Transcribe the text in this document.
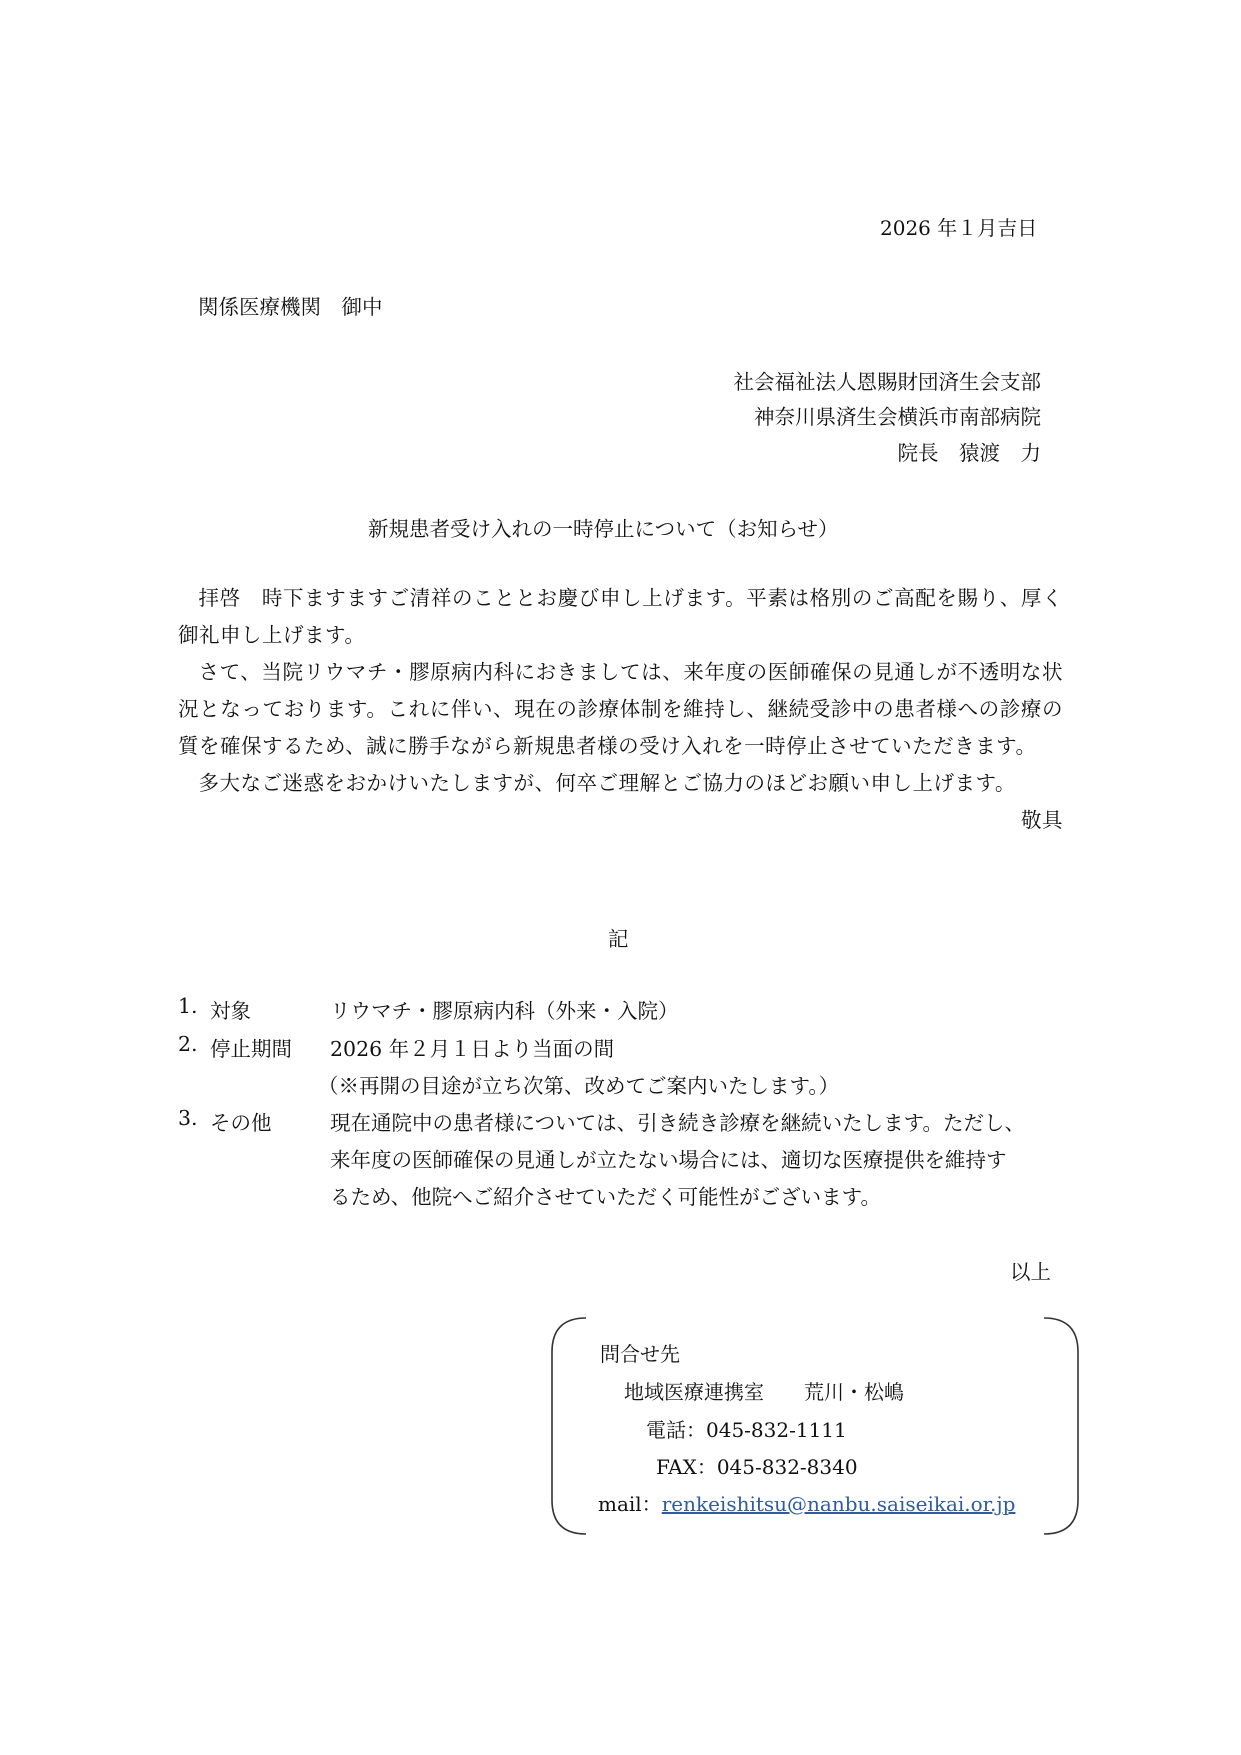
2026 年１月吉日
関係医療機関　御中
社会福祉法人恩賜財団済生会支部
神奈川県済生会横浜市南部病院
院長　猿渡　力
新規患者受け入れの一時停止について（お知らせ）

拝啓　時下ますますご清祥のこととお慶び申し上げます。平素は格別のご高配を賜り、厚く御礼申し上げます。

さて、当院リウマチ・膠原病内科におきましては、来年度の医師確保の見通しが不透明な状況となっております。これに伴い、現在の診療体制を維持し、継続受診中の患者様への診療の質を確保するため、誠に勝手ながら新規患者様の受け入れを一時停止させていただきます。

多大なご迷惑をおかけいたしますが、何卒ご理解とご協力のほどお願い申し上げます。

敬具

記
1. 対象	リウマチ・膠原病内科（外来・入院）
2. 停止期間 2026 年２月１日より当面の間
（※再開の目途が立ち次第、改めてご案内いたします。）
3. その他	現在通院中の患者様については、引き続き診療を継続いたします。ただし、
来年度の医師確保の見通しが立たない場合には、適切な医療提供を維持す
るため、他院へご紹介させていただく可能性がございます。
以上
問合せ先
地域医療連携室　　荒川・松嶋
電話：045-832-1111
FAX：045-832-8340
mail：renkeishitsu@nanbu.saiseikai.or.jp
